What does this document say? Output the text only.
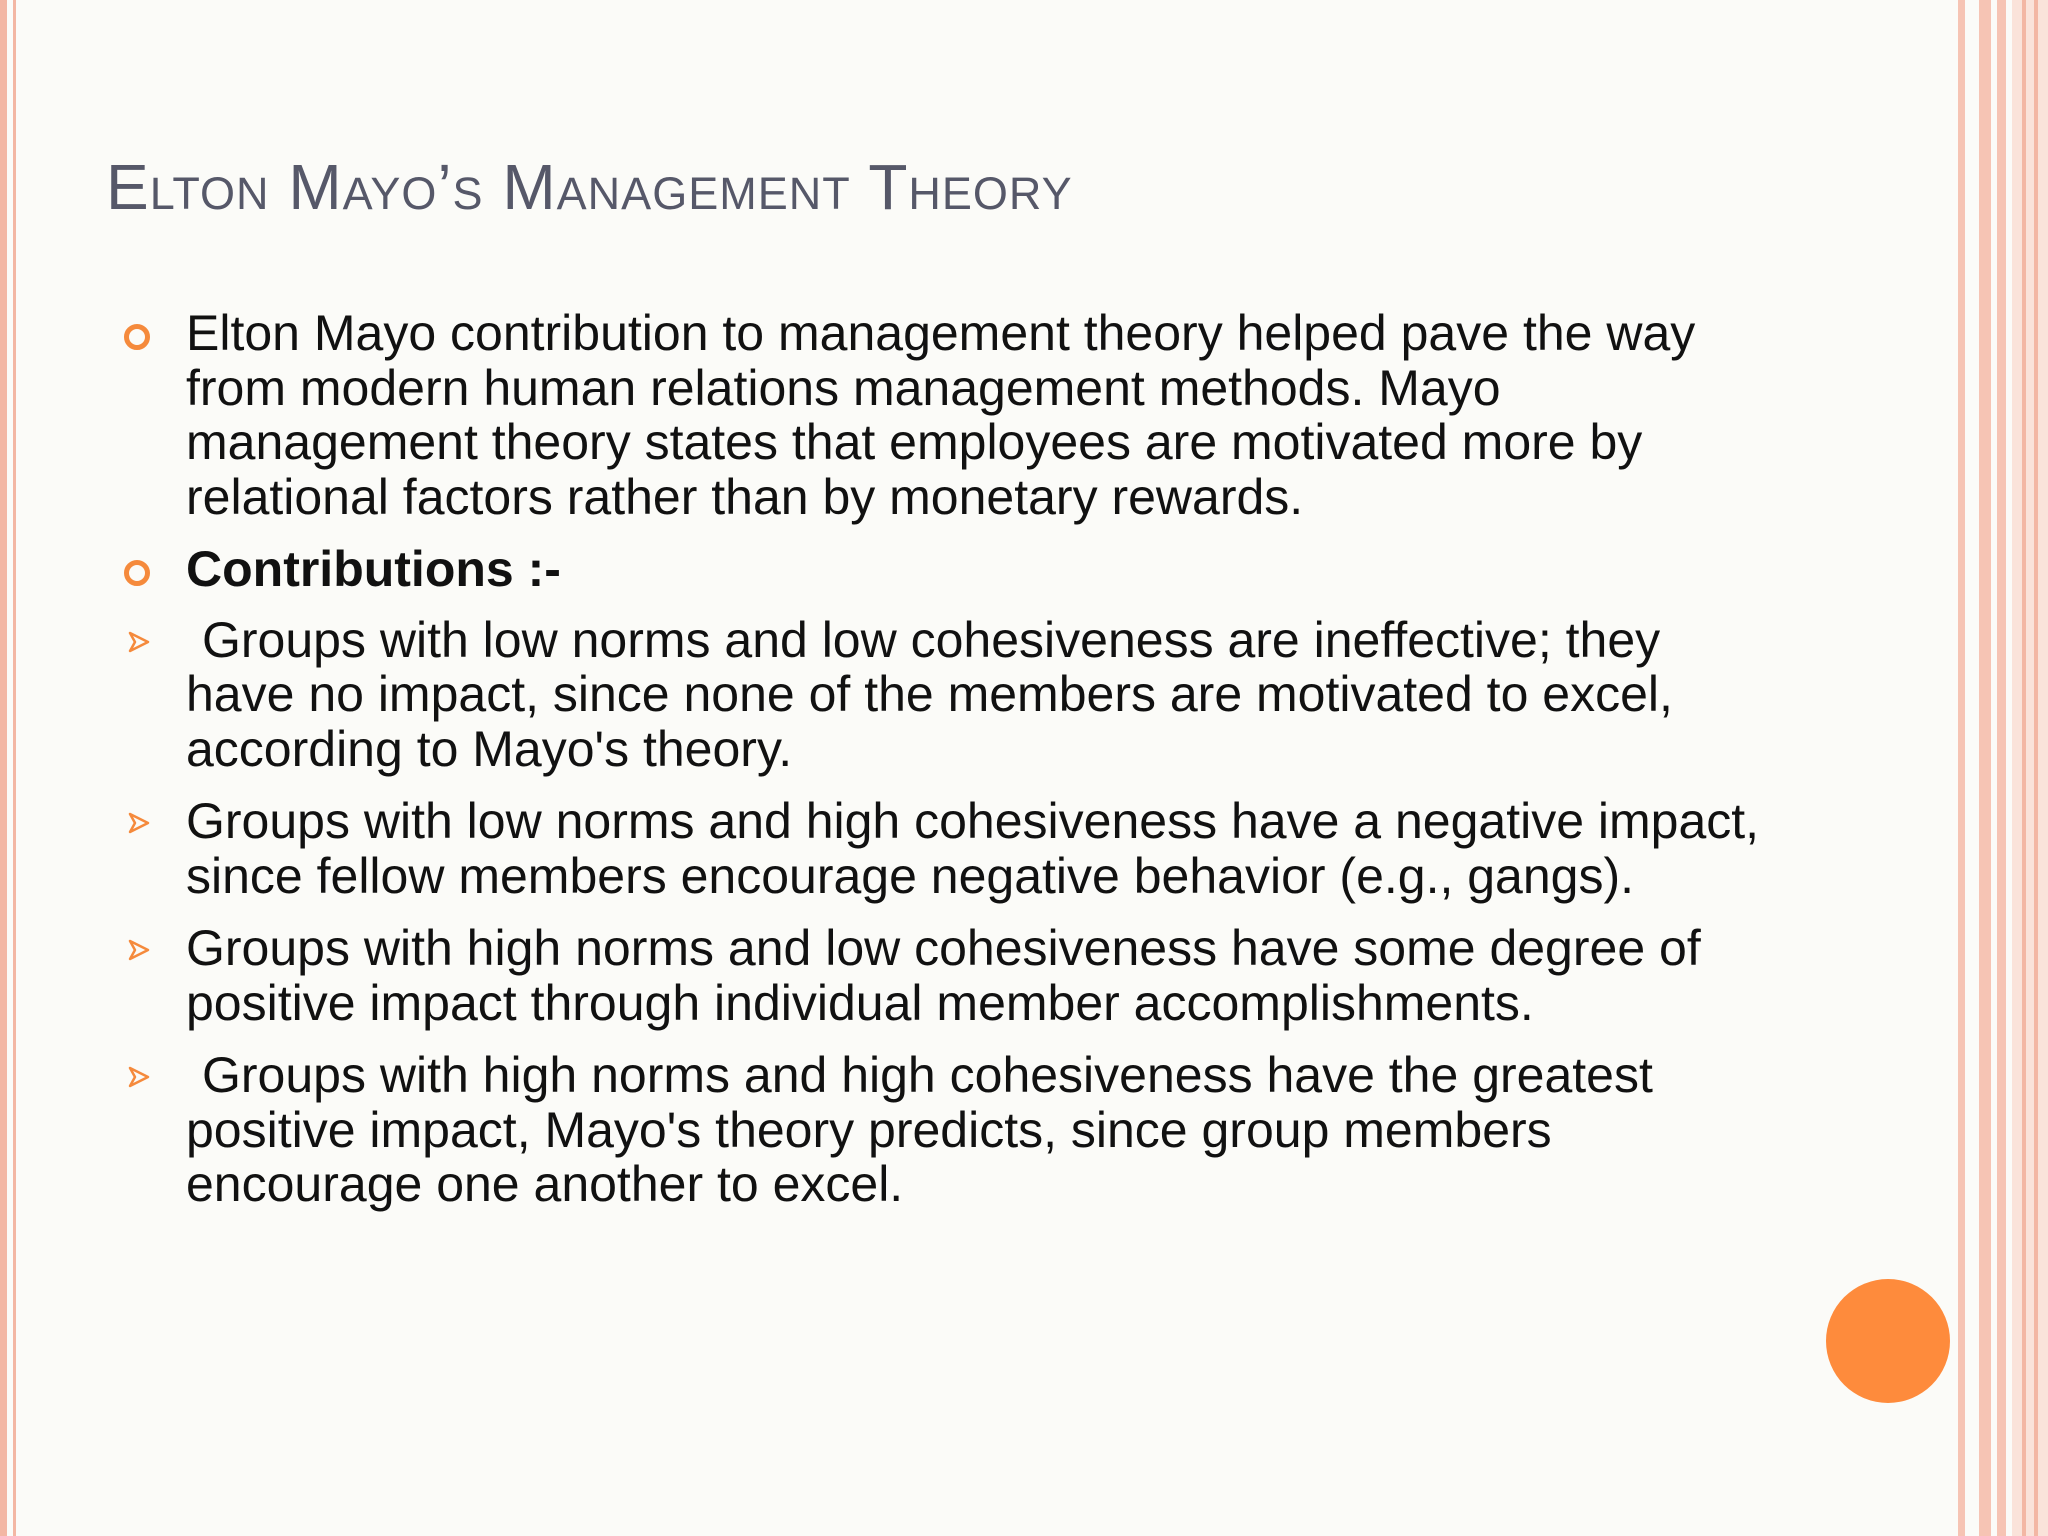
Elton Mayo’s Management Theory
Elton Mayo contribution to management theory helped pave the way from modern human relations management methods. Mayo management theory states that employees are motivated more by relational factors rather than by monetary rewards.
Contributions :-
Groups with low norms and low cohesiveness are ineffective; they have no impact, since none of the members are motivated to excel, according to Mayo's theory.
Groups with low norms and high cohesiveness have a negative impact, since fellow members encourage negative behavior (e.g., gangs).
Groups with high norms and low cohesiveness have some degree of positive impact through individual member accomplishments.
Groups with high norms and high cohesiveness have the greatest positive impact, Mayo's theory predicts, since group members encourage one another to excel.
